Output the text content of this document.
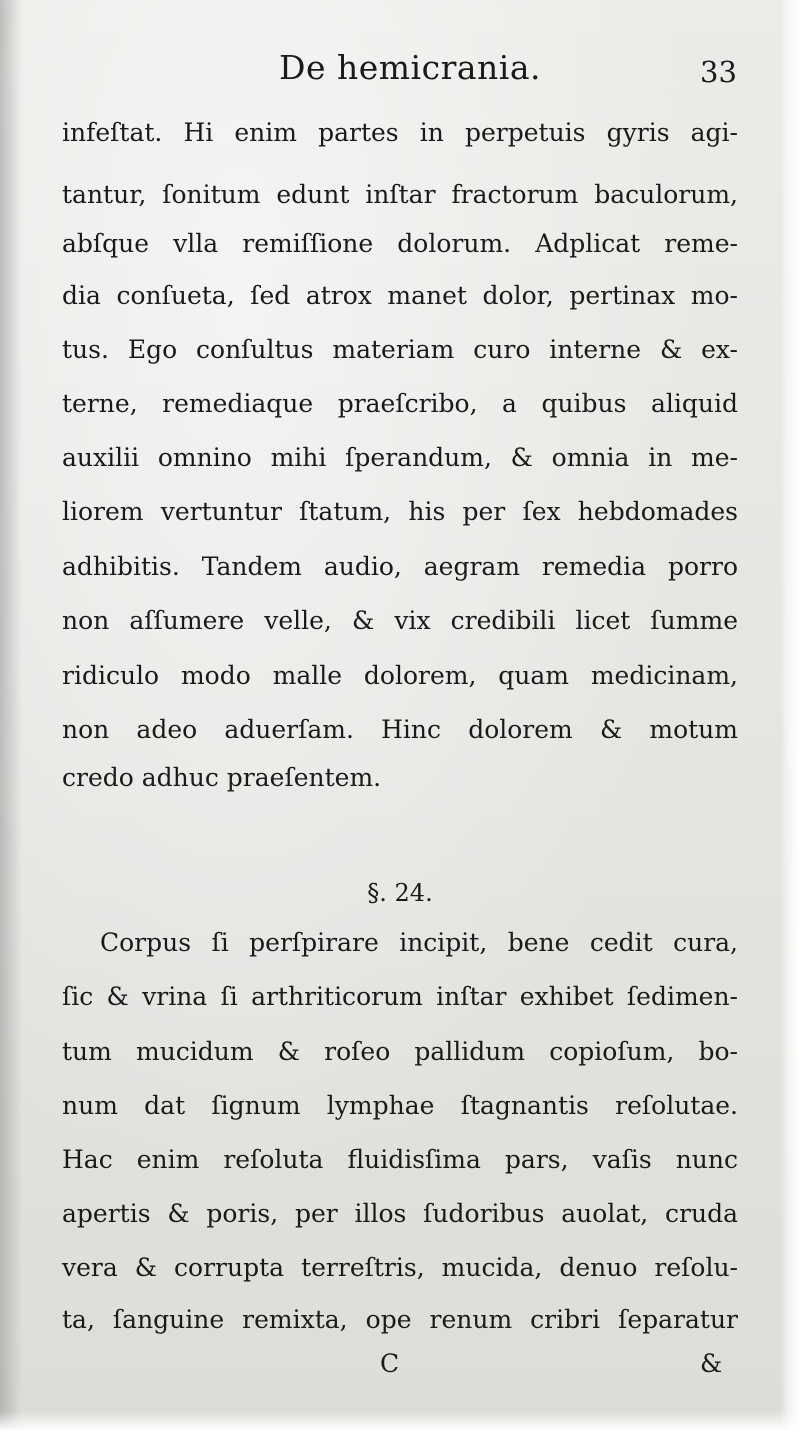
De hemicrania.	33
infeſtat. Hi enim partes in perpetuis gyris agi-
tantur, ſonitum edunt inſtar fractorum baculorum,
abſque vlla remiſſione dolorum. Adplicat reme-
dia conſueta, ſed atrox manet dolor, pertinax mo-
tus. Ego conſultus materiam curo interne & ex-
terne, remediaque praeſcribo, a quibus aliquid
auxilii omnino mihi ſperandum, & omnia in me-
liorem vertuntur ſtatum, his per ſex hebdomades
adhibitis. Tandem audio, aegram remedia porro
non aſſumere velle, & vix credibili licet ſumme
ridiculo modo malle dolorem, quam medicinam,
non adeo aduerſam. Hinc dolorem & motum
credo adhuc praeſentem.
§. 24.
Corpus ſi perſpirare incipit, bene cedit cura,
ſic & vrina ſi arthriticorum inſtar exhibet ſedimen-
tum mucidum & roſeo pallidum copioſum, bo-
num dat ſignum lymphae ſtagnantis reſolutae.
Hac enim reſoluta fluidisſima pars, vaſis nunc
apertis & poris, per illos ſudoribus auolat, cruda
vera & corrupta terreſtris, mucida, denuo reſolu-
ta, ſanguine remixta, ope renum cribri ſeparatur
C	&
